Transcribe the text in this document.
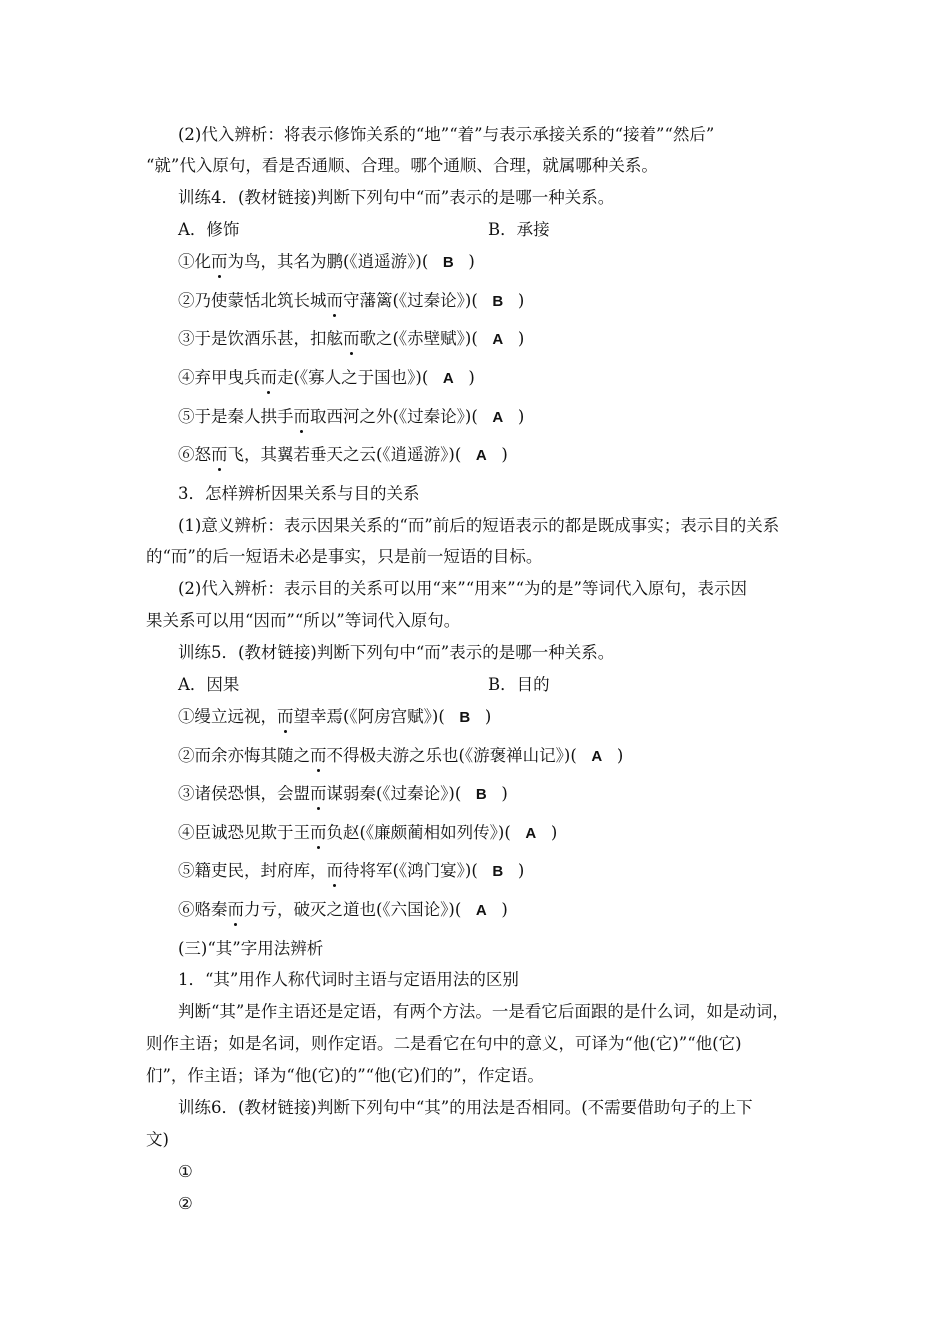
(2)代入辨析：将表示修饰关系的“地”“着”与表示承接关系的“接着”“然后”
“就”代入原句，看是否通顺、合理。哪个通顺、合理，就属哪种关系。
训练4．(教材链接)判断下列句中“而”表示的是哪一种关系。
A．修饰	B．承接
①化而为鸟，其名为鹏(《逍遥游》)( B )
②乃使蒙恬北筑长城而守藩篱(《过秦论》)( B )
③于是饮酒乐甚，扣舷而歌之(《赤壁赋》)( A )
④弃甲曳兵而走(《寡人之于国也》)( A )
⑤于是秦人拱手而取西河之外(《过秦论》)( A )
⑥怒而飞，其翼若垂天之云(《逍遥游》)( A )
3．怎样辨析因果关系与目的关系
(1)意义辨析：表示因果关系的“而”前后的短语表示的都是既成事实；表示目的关系
的“而”的后一短语未必是事实，只是前一短语的目标。
(2)代入辨析：表示目的关系可以用“来”“用来”“为的是”等词代入原句，表示因
果关系可以用“因而”“所以”等词代入原句。
训练5．(教材链接)判断下列句中“而”表示的是哪一种关系。
A．因果	B．目的
①缦立远视，而望幸焉(《阿房宫赋》)( B )
②而余亦悔其随之而不得极夫游之乐也(《游褒禅山记》)( A )
③诸侯恐惧，会盟而谋弱秦(《过秦论》)( B )
④臣诚恐见欺于王而负赵(《廉颇蔺相如列传》)( A )
⑤籍吏民，封府库，而待将军(《鸿门宴》)( B )
⑥赂秦而力亏，破灭之道也(《六国论》)( A )
(三)“其”字用法辨析
1．“其”用作人称代词时主语与定语用法的区别
判断“其”是作主语还是定语，有两个方法。一是看它后面跟的是什么词，如是动词，
则作主语；如是名词，则作定语。二是看它在句中的意义，可译为“他(它)”“他(它)
们”，作主语；译为“他(它)的”“他(它)们的”，作定语。
训练6．(教材链接)判断下列句中“其”的用法是否相同。(不需要借助句子的上下
文)
①
②
